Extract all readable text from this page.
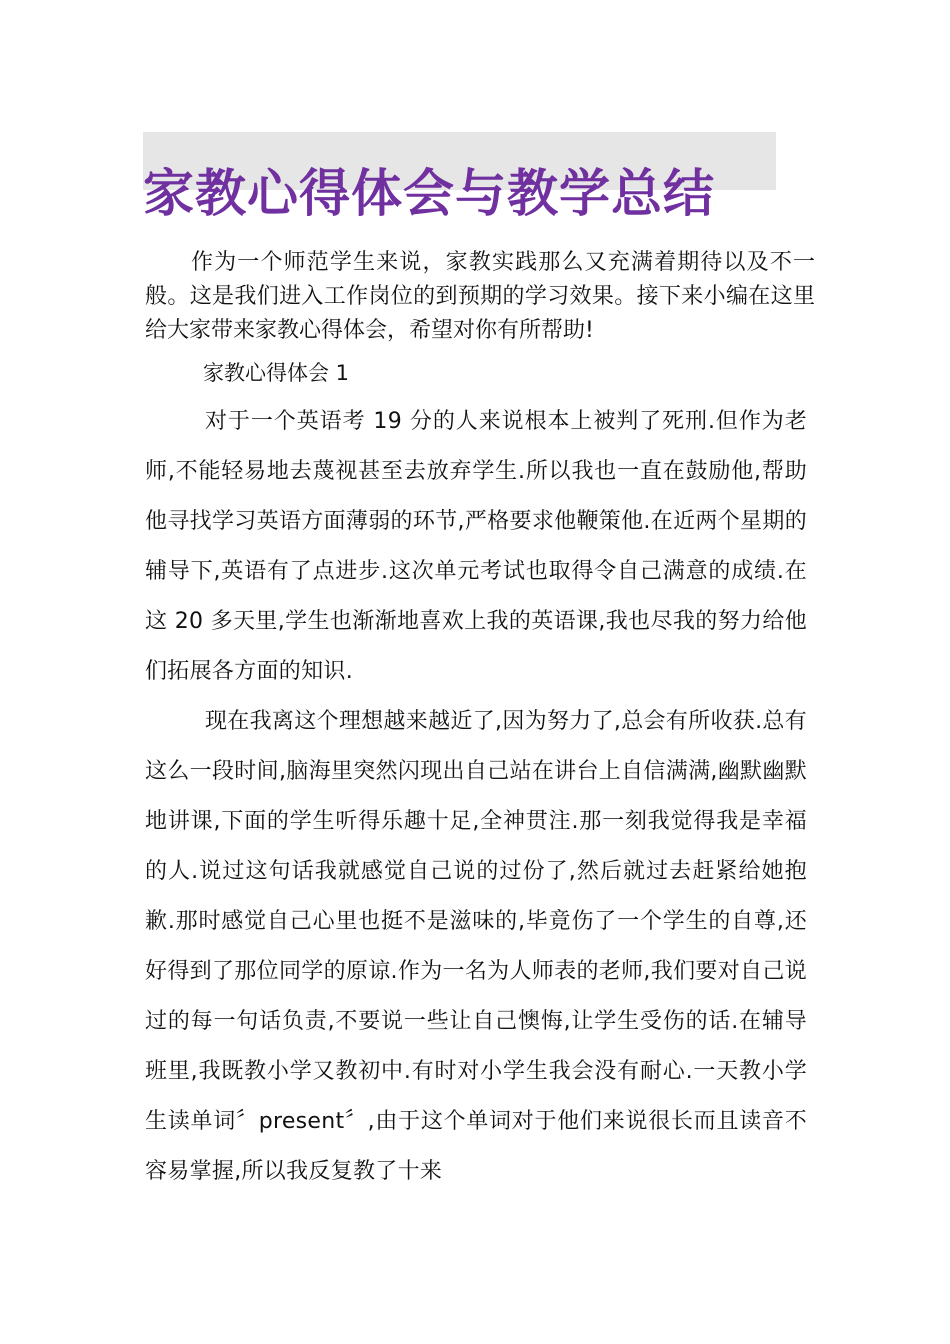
家教心得体会与教学总结

作为一个师范学生来说，家教实践那么又充满着期待以及不一般。这是我们进入工作岗位的到预期的学习效果。接下来小编在这里给大家带来家教心得体会，希望对你有所帮助!

家教心得体会 1

对于一个英语考 19 分的人来说根本上被判了死刑.但作为老师,不能轻易地去蔑视甚至去放弃学生.所以我也一直在鼓励他,帮助他寻找学习英语方面薄弱的环节,严格要求他鞭策他.在近两个星期的辅导下,英语有了点进步.这次单元考试也取得令自己满意的成绩.在这 20 多天里,学生也渐渐地喜欢上我的英语课,我也尽我的努力给他们拓展各方面的知识.

现在我离这个理想越来越近了,因为努力了,总会有所收获.总有这么一段时间,脑海里突然闪现出自己站在讲台上自信满满,幽默幽默地讲课,下面的学生听得乐趣十足,全神贯注.那一刻我觉得我是幸福的人.说过这句话我就感觉自己说的过份了,然后就过去赶紧给她抱歉.那时感觉自己心里也挺不是滋味的,毕竟伤了一个学生的自尊,还好得到了那位同学的原谅.作为一名为人师表的老师,我们要对自己说过的每一句话负责,不要说一些让自己懊悔,让学生受伤的话.在辅导班里,我既教小学又教初中.有时对小学生我会没有耐心.一天教小学生读单词〞present〞,由于这个单词对于他们来说很长而且读音不容易掌握,所以我反复教了十来
